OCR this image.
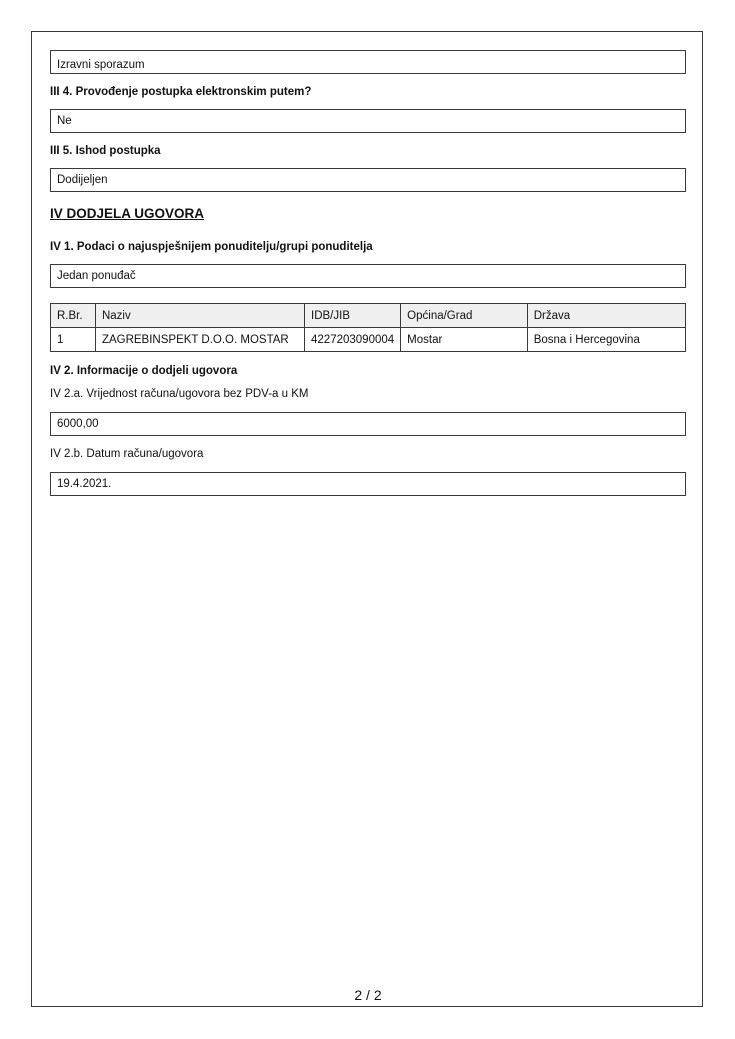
Izravni sporazum

III 4. Provođenje postupka elektronskim putem?

Ne

III 5. Ishod postupka

Dodijeljen

IV DODJELA UGOVORA

IV 1. Podaci o najuspješnijem ponuditelju/grupi ponuditelja

Jedan ponuđač
R.Br.	Naziv	IDB/JIB	Općina/Grad	Država
1	ZAGREBINSPEKT D.O.O. MOSTAR	4227203090004	Mostar	Bosna i Hercegovina

IV 2. Informacije o dodjeli ugovora

IV 2.a. Vrijednost računa/ugovora bez PDV-a u KM

6000,00

IV 2.b. Datum računa/ugovora

19.4.2021.
2 / 2
